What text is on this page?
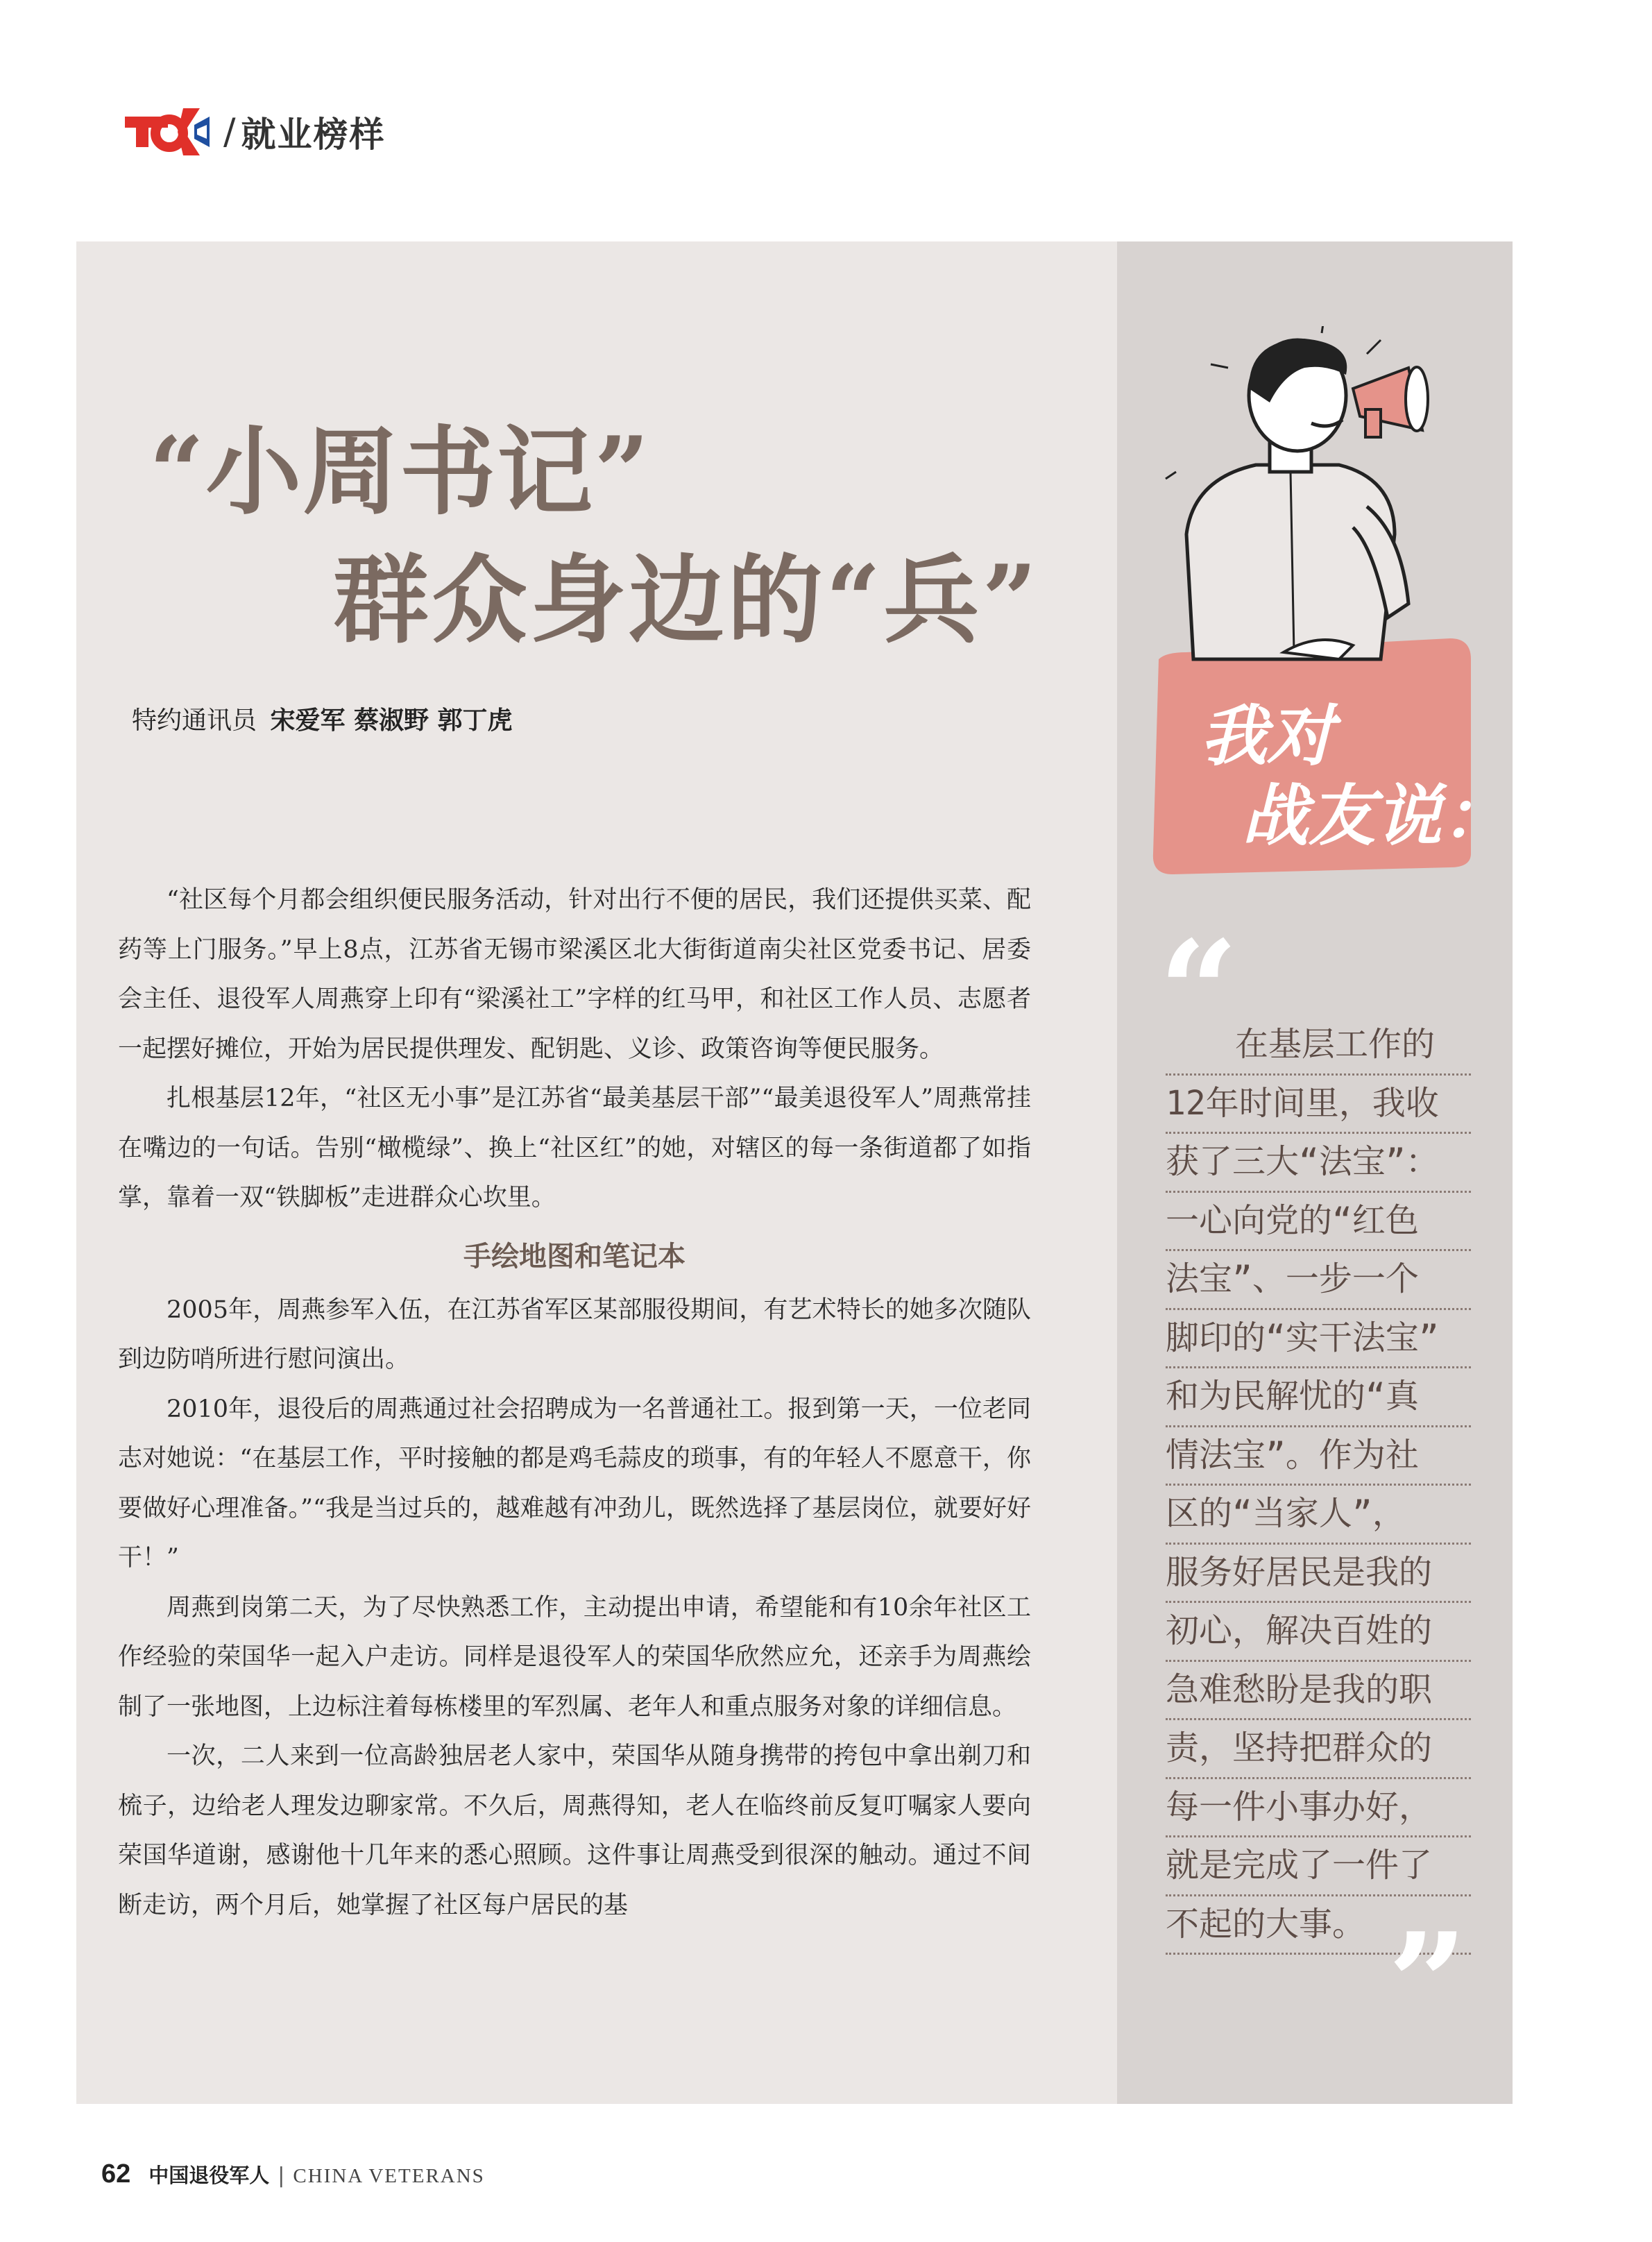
/ 就业榜样
“小周书记”
群众身边的“兵”
特约通讯员 宋爱军 蔡淑野 郭丁虎

“社区每个月都会组织便民服务活动，针对出行不便的居民，我们还提供买菜、配药等上门服务。”早上8点，江苏省无锡市梁溪区北大街街道南尖社区党委书记、居委会主任、退役军人周燕穿上印有“梁溪社工”字样的红马甲，和社区工作人员、志愿者一起摆好摊位，开始为居民提供理发、配钥匙、义诊、政策咨询等便民服务。

扎根基层12年，“社区无小事”是江苏省“最美基层干部”“最美退役军人”周燕常挂在嘴边的一句话。告别“橄榄绿”、换上“社区红”的她，对辖区的每一条街道都了如指掌，靠着一双“铁脚板”走进群众心坎里。

手绘地图和笔记本

2005年，周燕参军入伍，在江苏省军区某部服役期间，有艺术特长的她多次随队到边防哨所进行慰问演出。

2010年，退役后的周燕通过社会招聘成为一名普通社工。报到第一天，一位老同志对她说：“在基层工作，平时接触的都是鸡毛蒜皮的琐事，有的年轻人不愿意干，你要做好心理准备。”“我是当过兵的，越难越有冲劲儿，既然选择了基层岗位，就要好好干！”

周燕到岗第二天，为了尽快熟悉工作，主动提出申请，希望能和有10余年社区工作经验的荣国华一起入户走访。同样是退役军人的荣国华欣然应允，还亲手为周燕绘制了一张地图，上边标注着每栋楼里的军烈属、老年人和重点服务对象的详细信息。

一次，二人来到一位高龄独居老人家中，荣国华从随身携带的挎包中拿出剃刀和梳子，边给老人理发边聊家常。不久后，周燕得知，老人在临终前反复叮嘱家人要向荣国华道谢，感谢他十几年来的悉心照顾。这件事让周燕受到很深的触动。通过不间断走访，两个月后，她掌握了社区每户居民的基

我对
战友说：
“
在基层工作的
12年时间里，我收
获了三大“法宝”：
一心向党的“红色
法宝”、一步一个
脚印的“实干法宝”
和为民解忧的“真
情法宝”。作为社
区的“当家人”，
服务好居民是我的
初心，解决百姓的
急难愁盼是我的职
责，坚持把群众的
每一件小事办好，
就是完成了一件了
不起的大事。 ”
62 中国退役军人 | CHINA VETERANS
